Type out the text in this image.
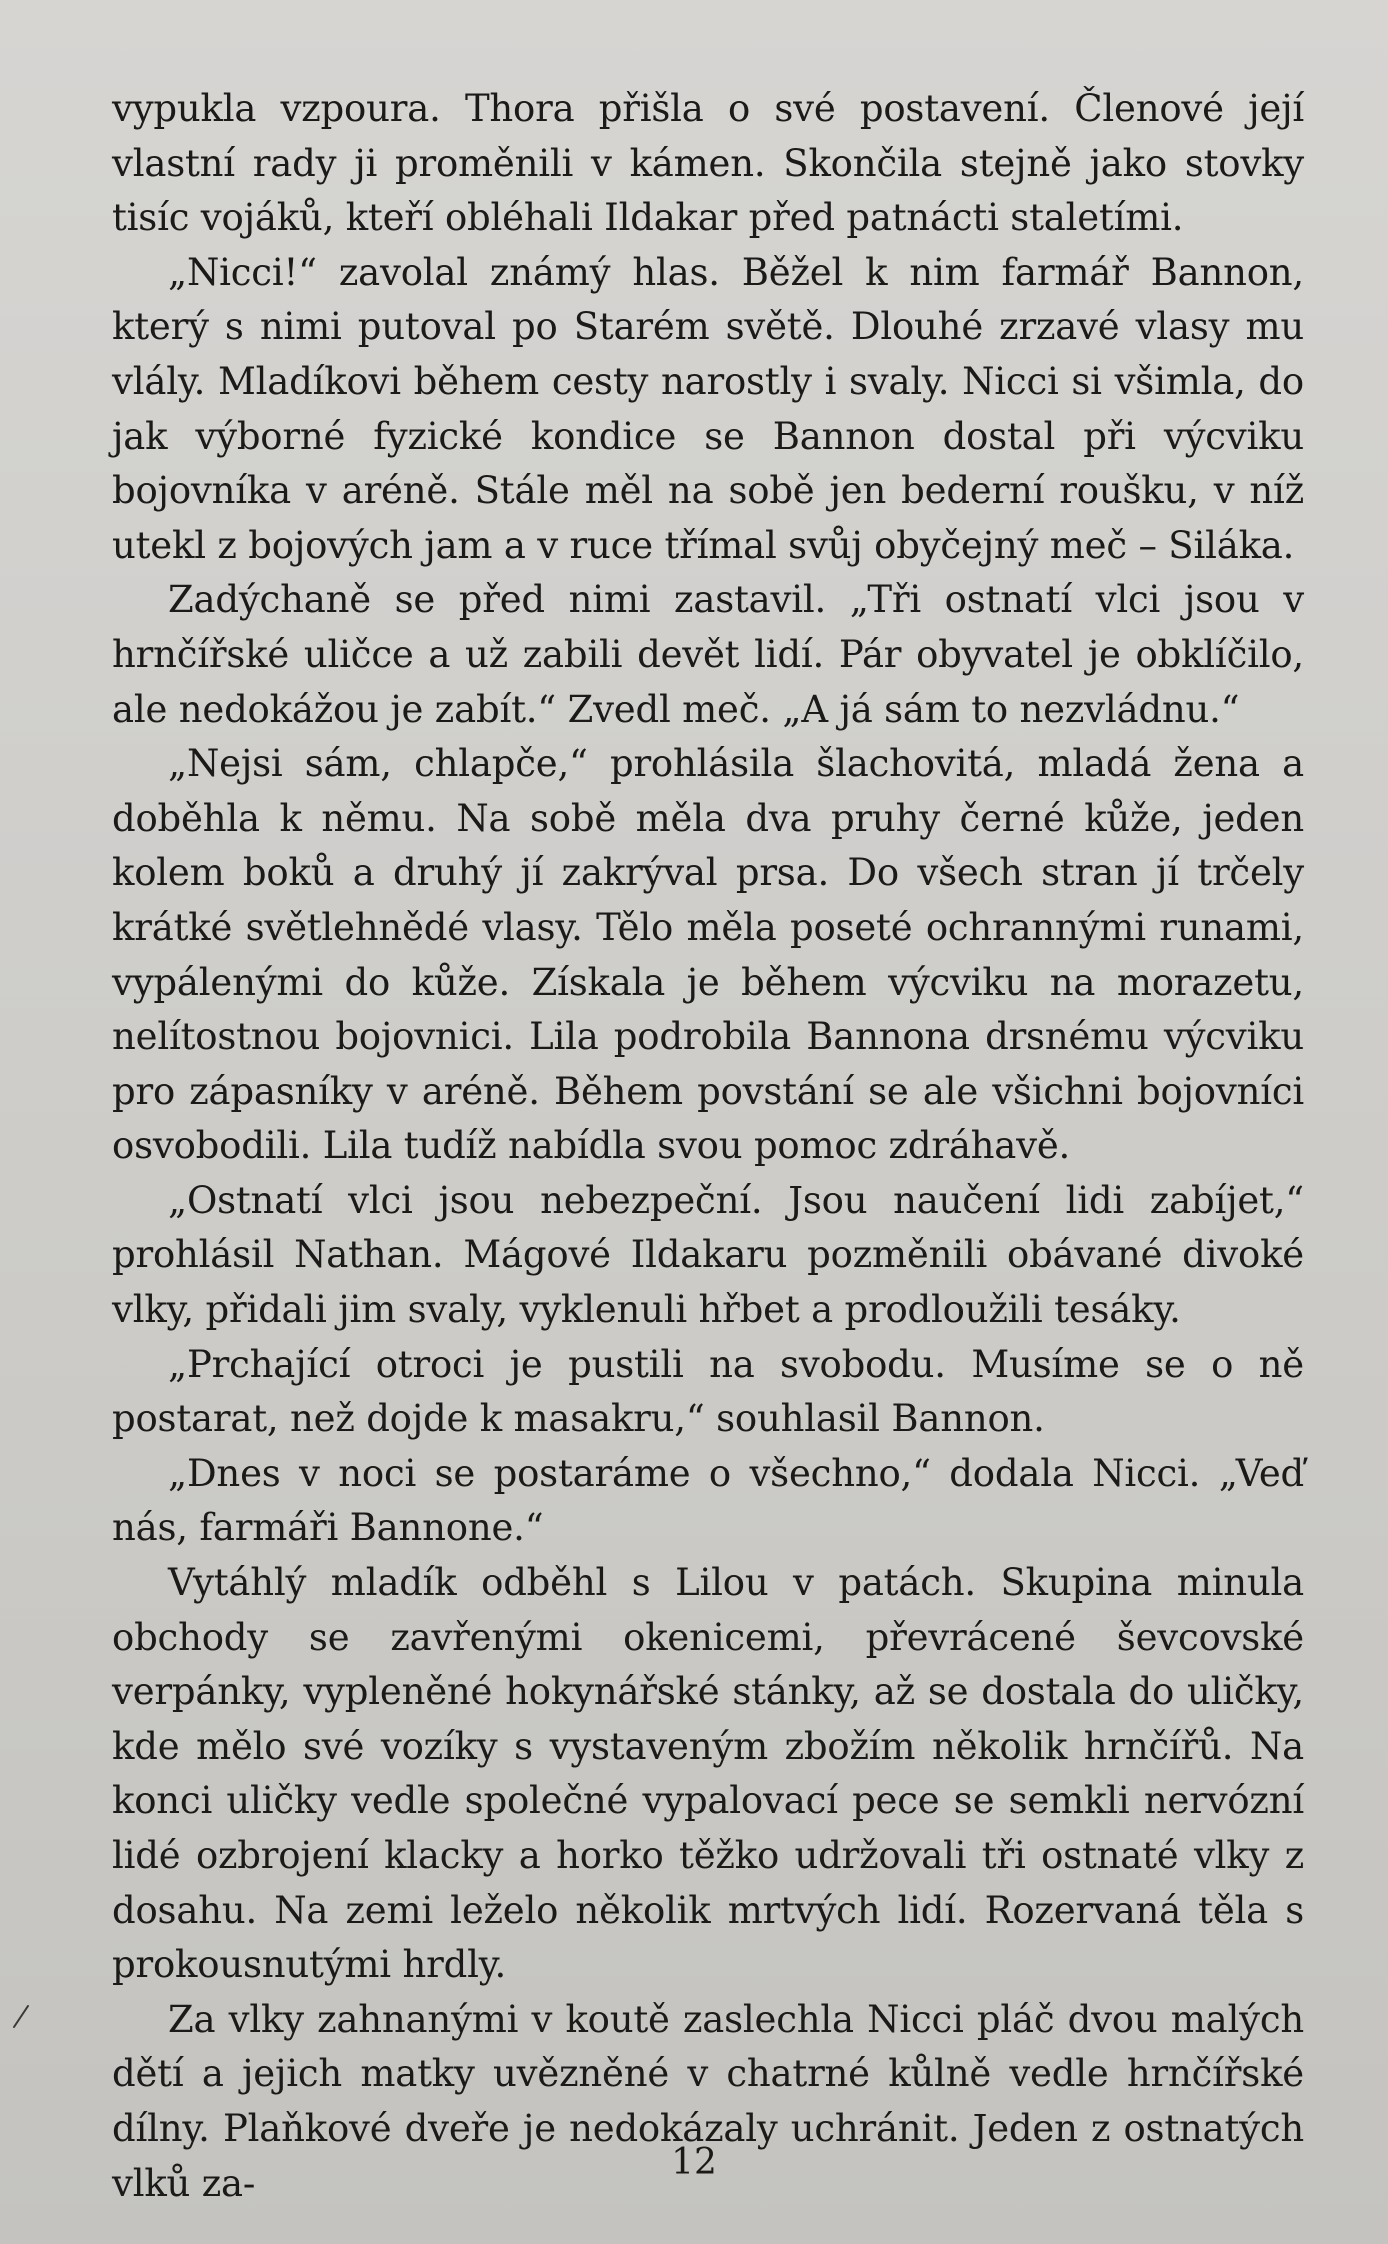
vypukla vzpoura. Thora přišla o své postavení. Členové její vlastní rady ji proměnili v kámen. Skončila stejně jako stovky tisíc vojáků, kteří obléhali Ildakar před patnácti staletími.

„Nicci!“ zavolal známý hlas. Běžel k nim farmář Bannon, který s nimi putoval po Starém světě. Dlouhé zrzavé vlasy mu vlály. Mladíkovi během cesty narostly i svaly. Nicci si všimla, do jak výborné fyzické kondice se Bannon dostal při výcviku bojovníka v aréně. Stále měl na sobě jen bederní roušku, v níž utekl z bojových jam a v ruce třímal svůj obyčejný meč – Siláka.

Zadýchaně se před nimi zastavil. „Tři ostnatí vlci jsou v hrnčířské uličce a už zabili devět lidí. Pár obyvatel je obklíčilo, ale nedokážou je zabít.“ Zvedl meč. „A já sám to nezvládnu.“

„Nejsi sám, chlapče,“ prohlásila šlachovitá, mladá žena a doběhla k němu. Na sobě měla dva pruhy černé kůže, jeden kolem boků a druhý jí zakrýval prsa. Do všech stran jí trčely krátké světlehnědé vlasy. Tělo měla poseté ochrannými runami, vypálenými do kůže. Získala je během výcviku na morazetu, nelítostnou bojovnici. Lila podrobila Bannona drsnému výcviku pro zápasníky v aréně. Během povstání se ale všichni bojovníci osvobodili. Lila tudíž nabídla svou pomoc zdráhavě.

„Ostnatí vlci jsou nebezpeční. Jsou naučení lidi zabíjet,“ prohlásil Nathan. Mágové Ildakaru pozměnili obávané divoké vlky, přidali jim svaly, vyklenuli hřbet a prodloužili tesáky.

„Prchající otroci je pustili na svobodu. Musíme se o ně postarat, než dojde k masakru,“ souhlasil Bannon.

„Dnes v noci se postaráme o všechno,“ dodala Nicci. „Veď nás, farmáři Bannone.“

Vytáhlý mladík odběhl s Lilou v patách. Skupina minula obchody se zavřenými okenicemi, převrácené ševcovské verpánky, vypleněné hokynářské stánky, až se dostala do uličky, kde mělo své vozíky s vystaveným zbožím několik hrnčířů. Na konci uličky vedle společné vypalovací pece se semkli nervózní lidé ozbrojení klacky a horko těžko udržovali tři ostnaté vlky z dosahu. Na zemi leželo několik mrtvých lidí. Rozervaná těla s prokousnutými hrdly.

Za vlky zahnanými v koutě zaslechla Nicci pláč dvou malých dětí a jejich matky uvězněné v chatrné kůlně vedle hrnčířské dílny. Plaňkové dveře je nedokázaly uchránit. Jeden z ostnatých vlků za-	12
